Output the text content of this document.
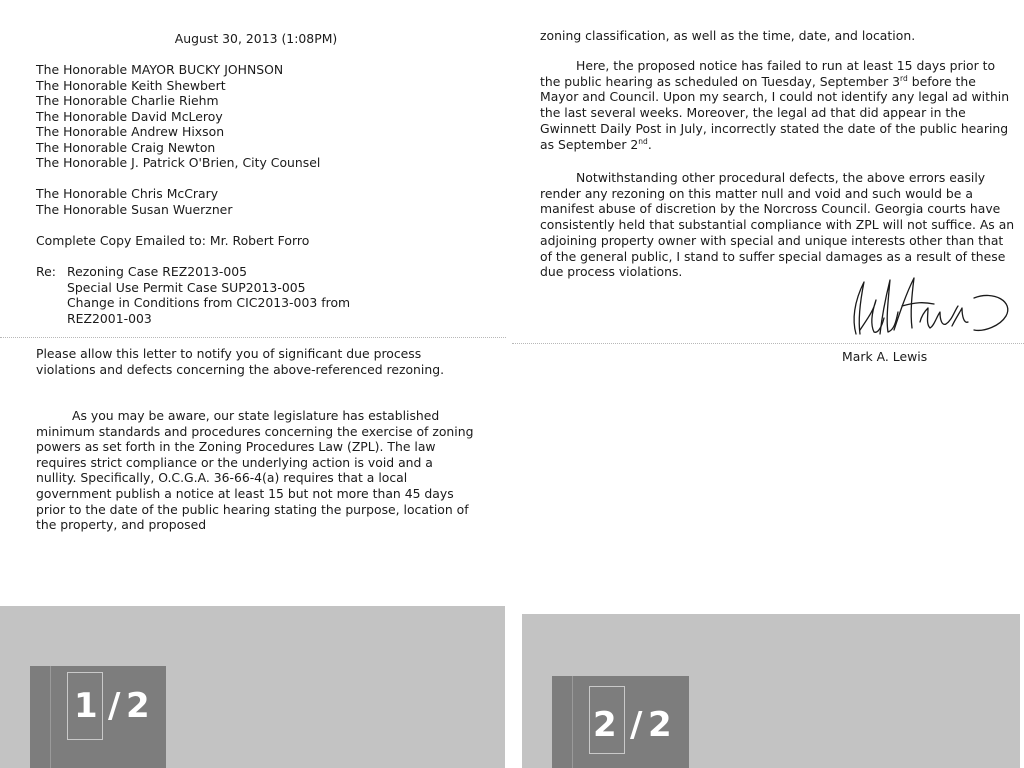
August 30, 2013 (1:08PM)
The Honorable MAYOR BUCKY JOHNSON
The Honorable Keith Shewbert
The Honorable Charlie Riehm
The Honorable David McLeroy
The Honorable Andrew Hixson
The Honorable Craig Newton
The Honorable J. Patrick O'Brien, City Counsel
The Honorable Chris McCrary
The Honorable Susan Wuerzner
Complete Copy Emailed to: Mr. Robert Forro
Re: Rezoning Case REZ2013-005
Special Use Permit Case SUP2013-005
Change in Conditions from CIC2013-003 from
REZ2001-003
Please allow this letter to notify you of significant due process violations and defects concerning the above-referenced rezoning.
As you may be aware, our state legislature has established minimum standards and procedures concerning the exercise of zoning powers as set forth in the Zoning Procedures Law (ZPL). The law requires strict compliance or the underlying action is void and a nullity. Specifically, O.C.G.A. 36-66-4(a) requires that a local government publish a notice at least 15 but not more than 45 days prior to the date of the public hearing stating the purpose, location of the property, and proposed
1 / 2
zoning classification, as well as the time, date, and location.
Here, the proposed notice has failed to run at least 15 days prior to the public hearing as scheduled on Tuesday, September 3rd before the Mayor and Council. Upon my search, I could not identify any legal ad within the last several weeks. Moreover, the legal ad that did appear in the Gwinnett Daily Post in July, incorrectly stated the date of the public hearing as September 2nd.
Notwithstanding other procedural defects, the above errors easily render any rezoning on this matter null and void and such would be a manifest abuse of discretion by the Norcross Council. Georgia courts have consistently held that substantial compliance with ZPL will not suffice. As an adjoining property owner with special and unique interests other than that of the general public, I stand to suffer special damages as a result of these due process violations.
Mark A. Lewis
2 / 2
